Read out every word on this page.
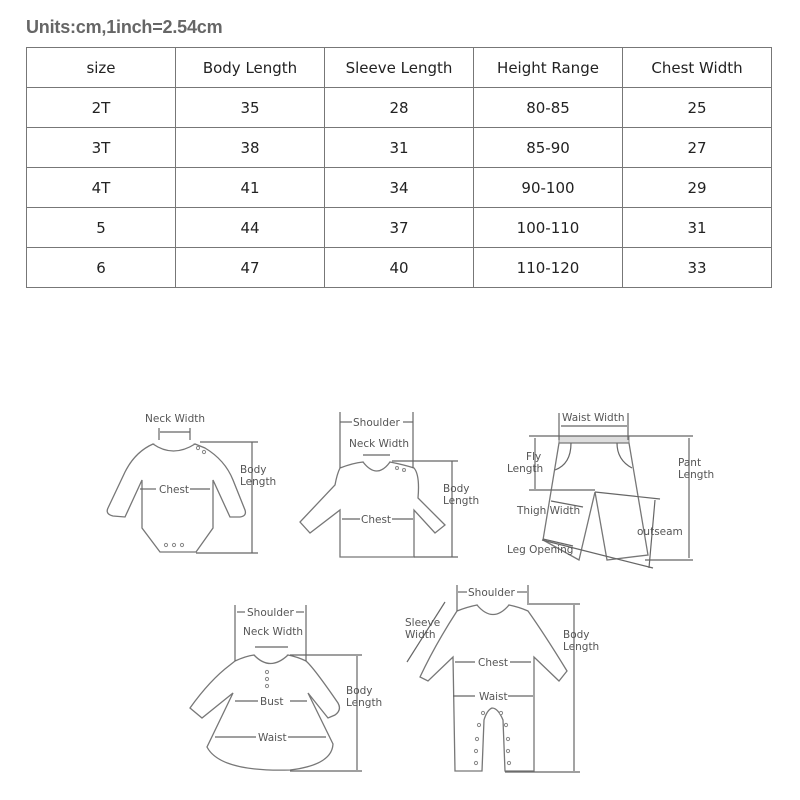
Units:cm,1inch=2.54cm
size	Body Length	Sleeve Length	Height Range	Chest Width
2T	35	28	80-85	25
3T	38	31	85-90	27
4T	41	34	90-100	29
5	44	37	100-110	31
6	47	40	110-120	33
Neck Width
Chest
Body
Length
Shoulder
Neck Width
Chest
Body
Length
Waist Width
Fly
Length	Pant
Length
outseam
Thigh Width
Leg Opening
Shoulder
Neck Width
Bust
Waist
Body
Length
Shoulder
Sleeve
Width
Chest
Waist
Body
Length
